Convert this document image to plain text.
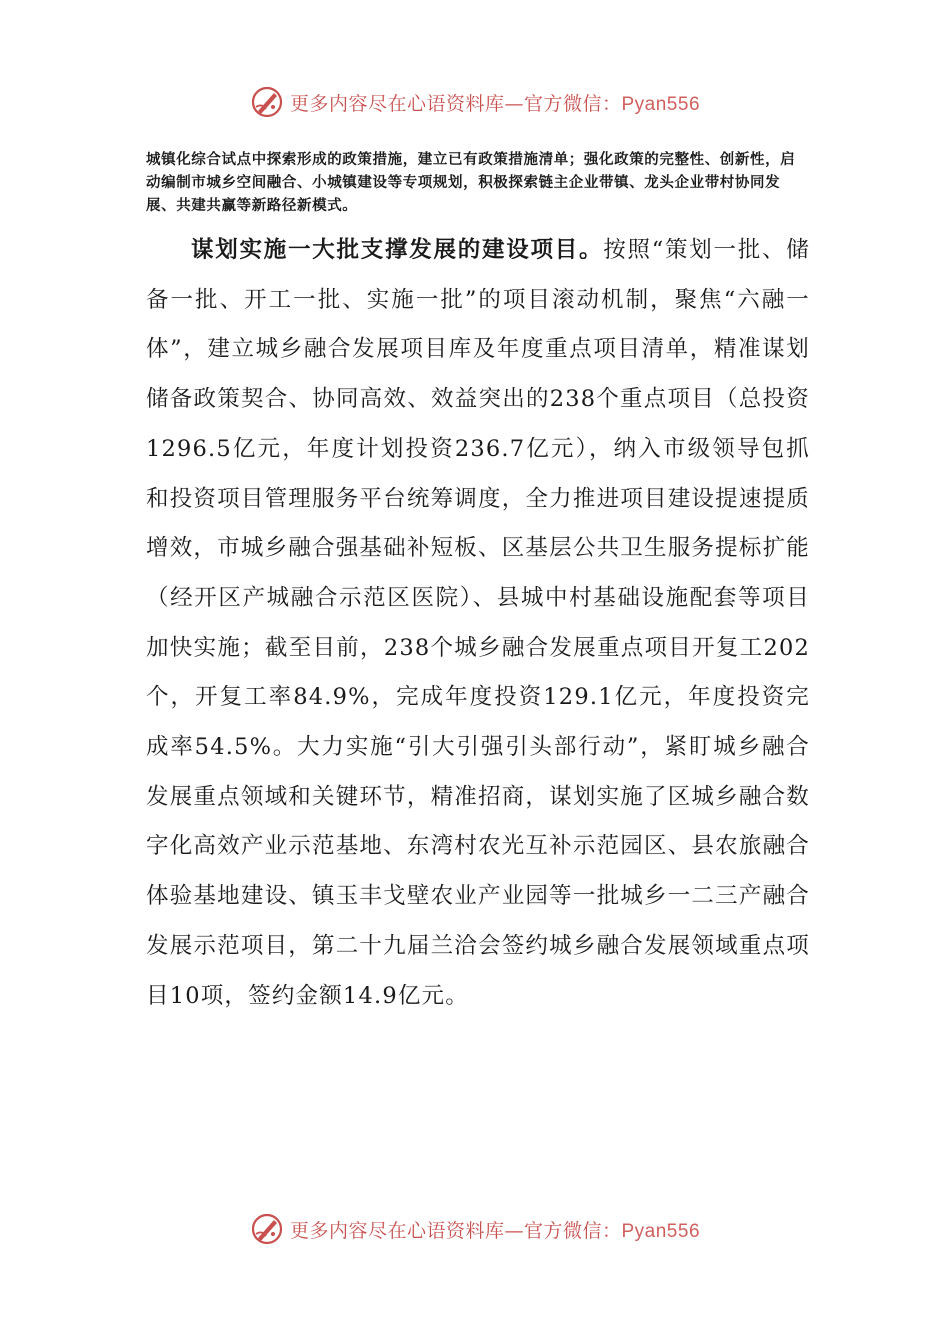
更多内容尽在心语资料库—官方微信：Pyan556

城镇化综合试点中探索形成的政策措施，建立已有政策措施清单；强化政策的完整性、创新性，启动编制市城乡空间融合、小城镇建设等专项规划，积极探索链主企业带镇、龙头企业带村协同发展、共建共赢等新路径新模式。

谋划实施一大批支撑发展的建设项目。按照“策划一批、储备一批、开工一批、实施一批”的项目滚动机制，聚焦“六融一体”，建立城乡融合发展项目库及年度重点项目清单，精准谋划储备政策契合、协同高效、效益突出的238个重点项目（总投资1296.5亿元，年度计划投资236.7亿元），纳入市级领导包抓和投资项目管理服务平台统筹调度，全力推进项目建设提速提质增效，市城乡融合强基础补短板、区基层公共卫生服务提标扩能（经开区产城融合示范区医院）、县城中村基础设施配套等项目加快实施；截至目前，238个城乡融合发展重点项目开复工202个，开复工率84.9%，完成年度投资129.1亿元，年度投资完成率54.5%。大力实施“引大引强引头部行动”，紧盯城乡融合发展重点领域和关键环节，精准招商，谋划实施了区城乡融合数字化高效产业示范基地、东湾村农光互补示范园区、县农旅融合体验基地建设、镇玉丰戈壁农业产业园等一批城乡一二三产融合发展示范项目，第二十九届兰洽会签约城乡融合发展领域重点项目10项，签约金额14.9亿元。

更多内容尽在心语资料库—官方微信：Pyan556
